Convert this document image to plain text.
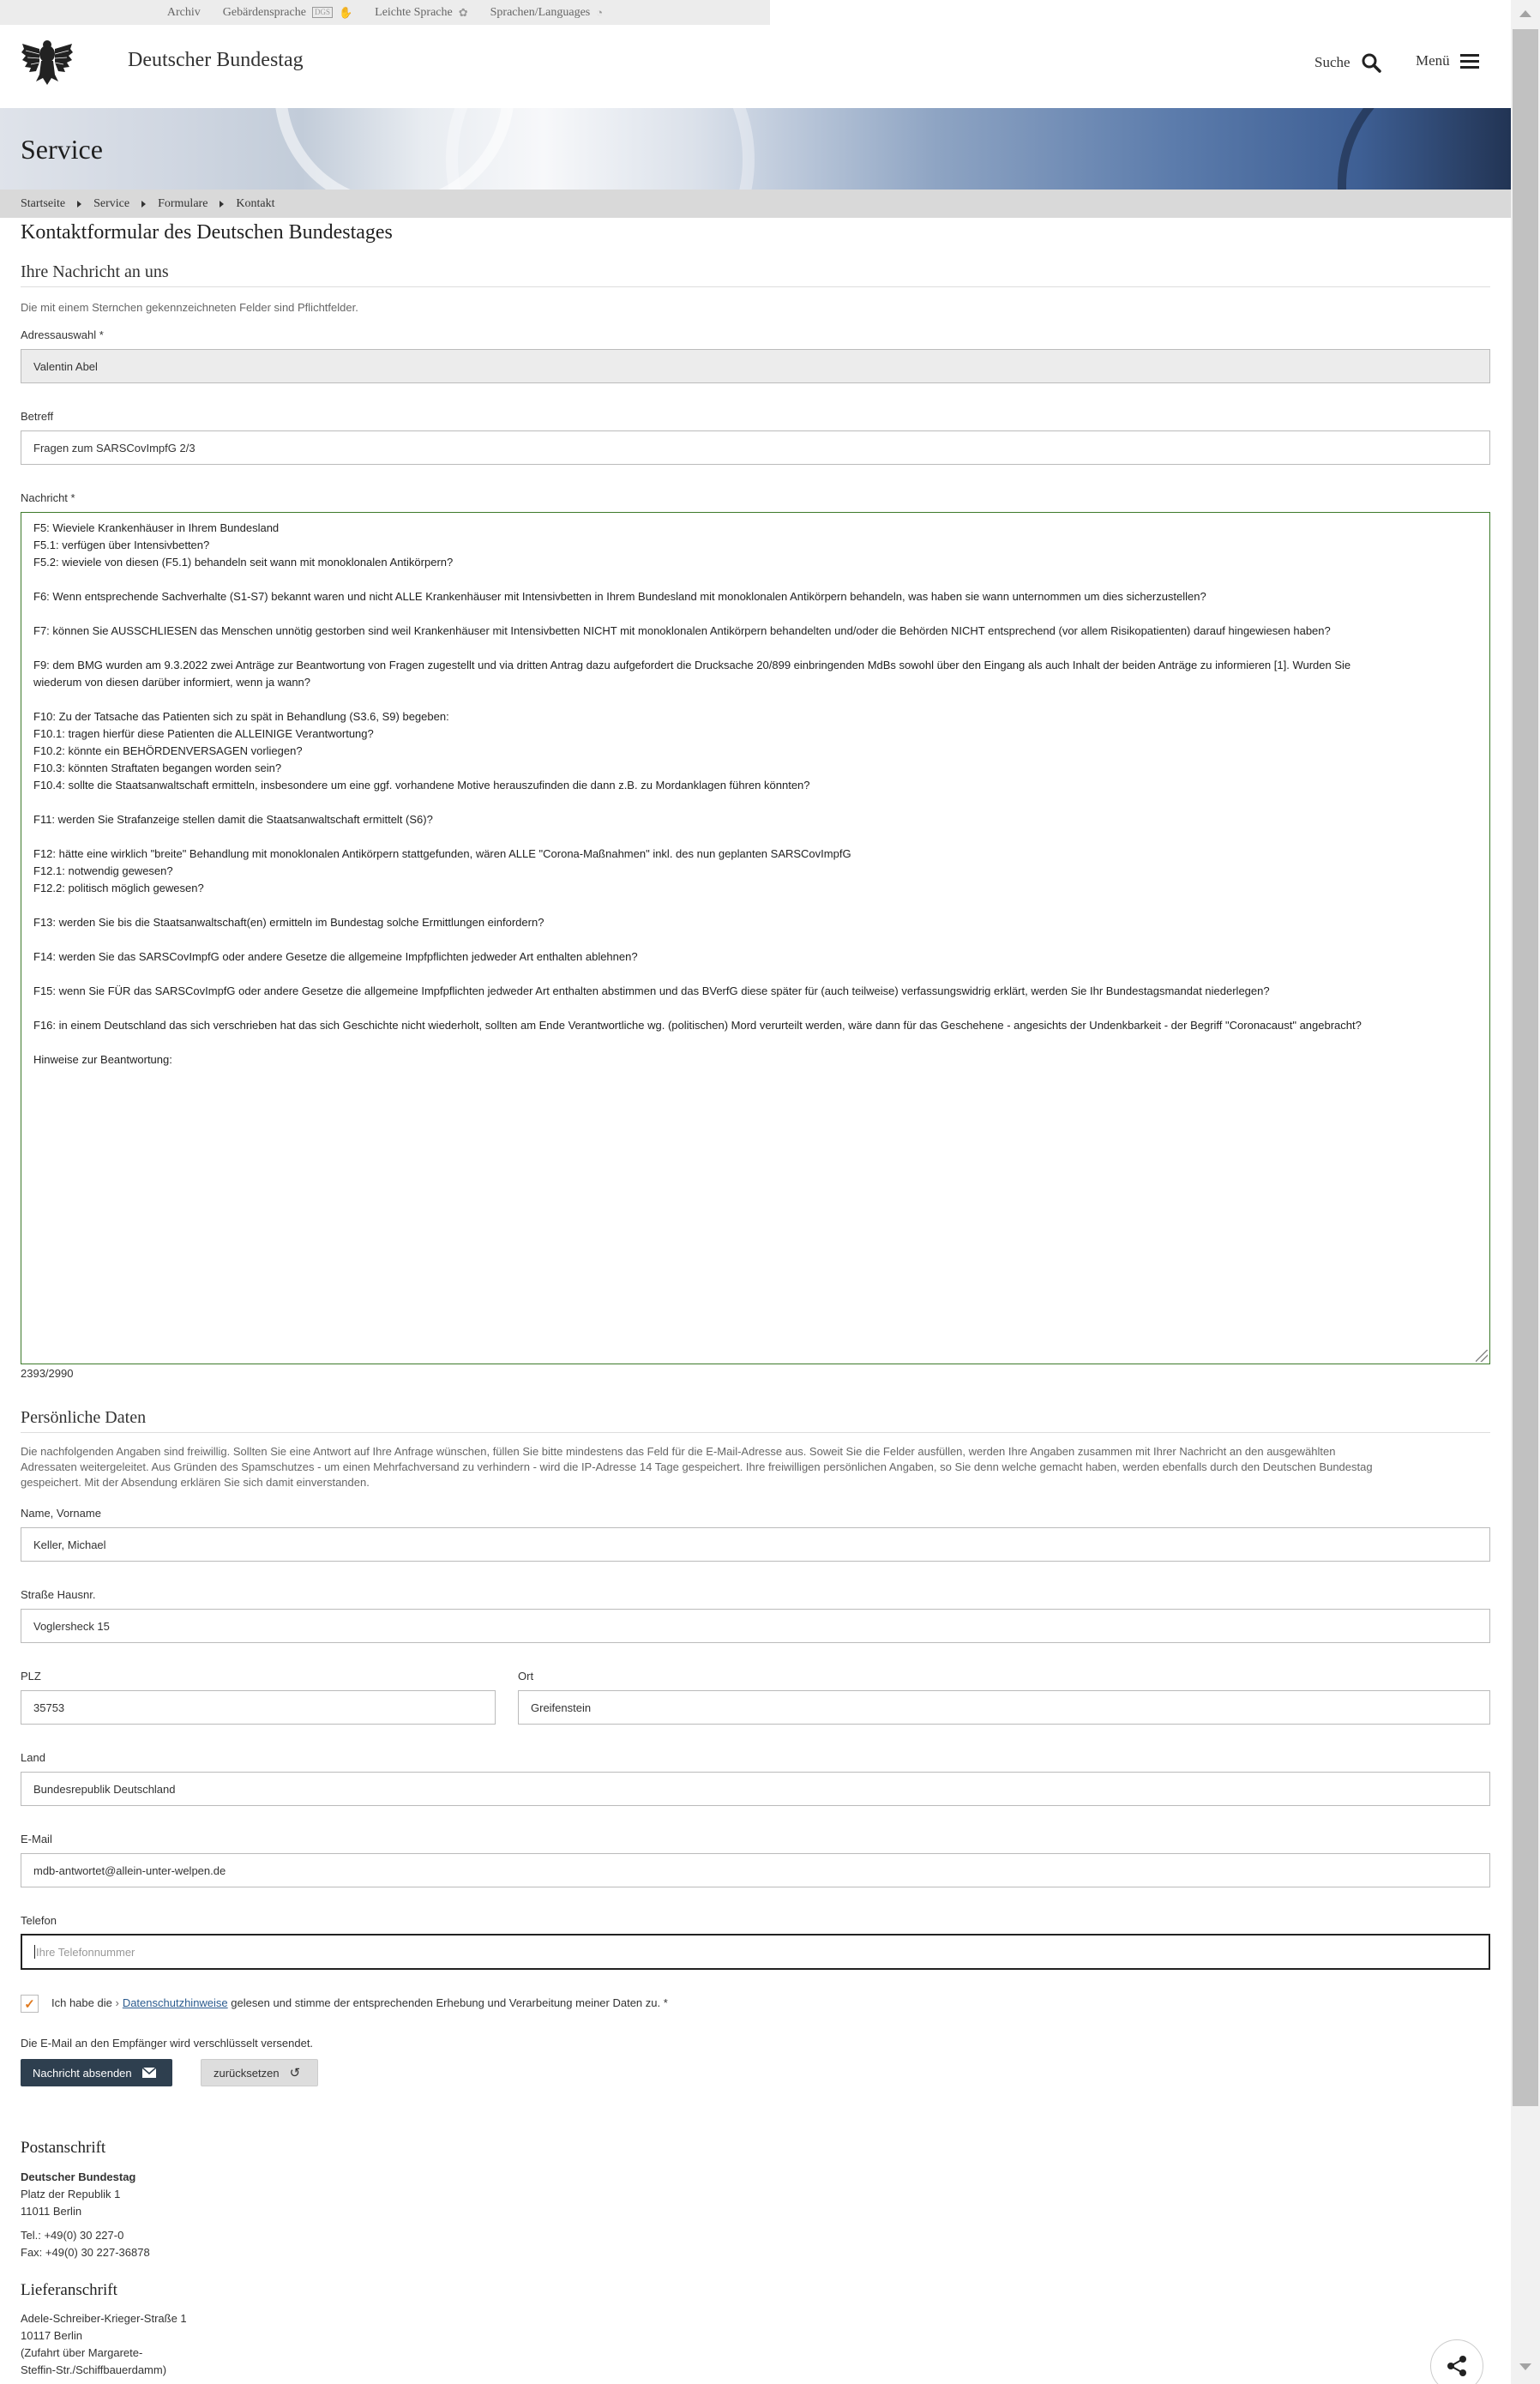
Archiv Gebärdensprache	DGS ✋ Leichte Sprache ✿ Sprachen/Languages ◔
Deutscher Bundestag	Suche	Menü
Service
Startseite Service Formulare Kontakt
Kontaktformular des Deutschen Bundestages
Ihre Nachricht an uns
Die mit einem Sternchen gekennzeichneten Felder sind Pflichtfelder.
Adressauswahl *
Valentin Abel
Betreff
Fragen zum SARSCovImpfG 2/3
Nachricht *
F5: Wieviele Krankenhäuser in Ihrem Bundesland
F5.1: verfügen über Intensivbetten?
F5.2: wieviele von diesen (F5.1) behandeln seit wann mit monoklonalen Antikörpern?
F6: Wenn entsprechende Sachverhalte (S1-S7) bekannt waren und nicht ALLE Krankenhäuser mit Intensivbetten in Ihrem Bundesland mit monoklonalen Antikörpern behandeln, was haben sie wann unternommen um dies sicherzustellen?
F7: können Sie AUSSCHLIESEN das Menschen unnötig gestorben sind weil Krankenhäuser mit Intensivbetten NICHT mit monoklonalen Antikörpern behandelten und/oder die Behörden NICHT entsprechend (vor allem Risikopatienten) darauf hingewiesen haben?
F9: dem BMG wurden am 9.3.2022 zwei Anträge zur Beantwortung von Fragen zugestellt und via dritten Antrag dazu aufgefordert die Drucksache 20/899 einbringenden MdBs sowohl über den Eingang als auch Inhalt der beiden Anträge zu informieren [1]. Wurden Sie
wiederum von diesen darüber informiert, wenn ja wann?
F10: Zu der Tatsache das Patienten sich zu spät in Behandlung (S3.6, S9) begeben:
F10.1: tragen hierfür diese Patienten die ALLEINIGE Verantwortung?
F10.2: könnte ein BEHÖRDENVERSAGEN vorliegen?
F10.3: könnten Straftaten begangen worden sein?
F10.4: sollte die Staatsanwaltschaft ermitteln, insbesondere um eine ggf. vorhandene Motive herauszufinden die dann z.B. zu Mordanklagen führen könnten?
F11: werden Sie Strafanzeige stellen damit die Staatsanwaltschaft ermittelt (S6)?
F12: hätte eine wirklich "breite" Behandlung mit monoklonalen Antikörpern stattgefunden, wären ALLE "Corona-Maßnahmen" inkl. des nun geplanten SARSCovImpfG
F12.1: notwendig gewesen?
F12.2: politisch möglich gewesen?
F13: werden Sie bis die Staatsanwaltschaft(en) ermitteln im Bundestag solche Ermittlungen einfordern?
F14: werden Sie das SARSCovImpfG oder andere Gesetze die allgemeine Impfpflichten jedweder Art enthalten ablehnen?
F15: wenn Sie FÜR das SARSCovImpfG oder andere Gesetze die allgemeine Impfpflichten jedweder Art enthalten abstimmen und das BVerfG diese später für (auch teilweise) verfassungswidrig erklärt, werden Sie Ihr Bundestagsmandat niederlegen?
F16: in einem Deutschland das sich verschrieben hat das sich Geschichte nicht wiederholt, sollten am Ende Verantwortliche wg. (politischen) Mord verurteilt werden, wäre dann für das Geschehene - angesichts der Undenkbarkeit - der Begriff "Coronacaust" angebracht?
Hinweise zur Beantwortung:
2393/2990
Persönliche Daten
Die nachfolgenden Angaben sind freiwillig. Sollten Sie eine Antwort auf Ihre Anfrage wünschen, füllen Sie bitte mindestens das Feld für die E-Mail-Adresse aus. Soweit Sie die Felder ausfüllen, werden Ihre Angaben zusammen mit Ihrer Nachricht an den ausgewählten
Adressaten weitergeleitet. Aus Gründen des Spamschutzes - um einen Mehrfachversand zu verhindern - wird die IP-Adresse 14 Tage gespeichert. Ihre freiwilligen persönlichen Angaben, so Sie denn welche gemacht haben, werden ebenfalls durch den Deutschen Bundestag
gespeichert. Mit der Absendung erklären Sie sich damit einverstanden.
Name, Vorname
Keller, Michael
Straße Hausnr.
Voglersheck 15
PLZ
35753
Ort
Greifenstein
Land
Bundesrepublik Deutschland
E-Mail
mdb-antwortet@allein-unter-welpen.de
Telefon
Ihre Telefonnummer
✓ Ich habe die › Datenschutzhinweise gelesen und stimme der entsprechenden Erhebung und Verarbeitung meiner Daten zu. *
Die E-Mail an den Empfänger wird verschlüsselt versendet.
Nachricht absenden	zurücksetzen ↺
Postanschrift
Deutscher Bundestag
Platz der Republik 1
11011 Berlin
Tel.: +49(0) 30 227-0
Fax: +49(0) 30 227-36878
Lieferanschrift
Adele-Schreiber-Krieger-Straße 1
10117 Berlin
(Zufahrt über Margarete-
Steffin-Str./Schiffbauerdamm)
